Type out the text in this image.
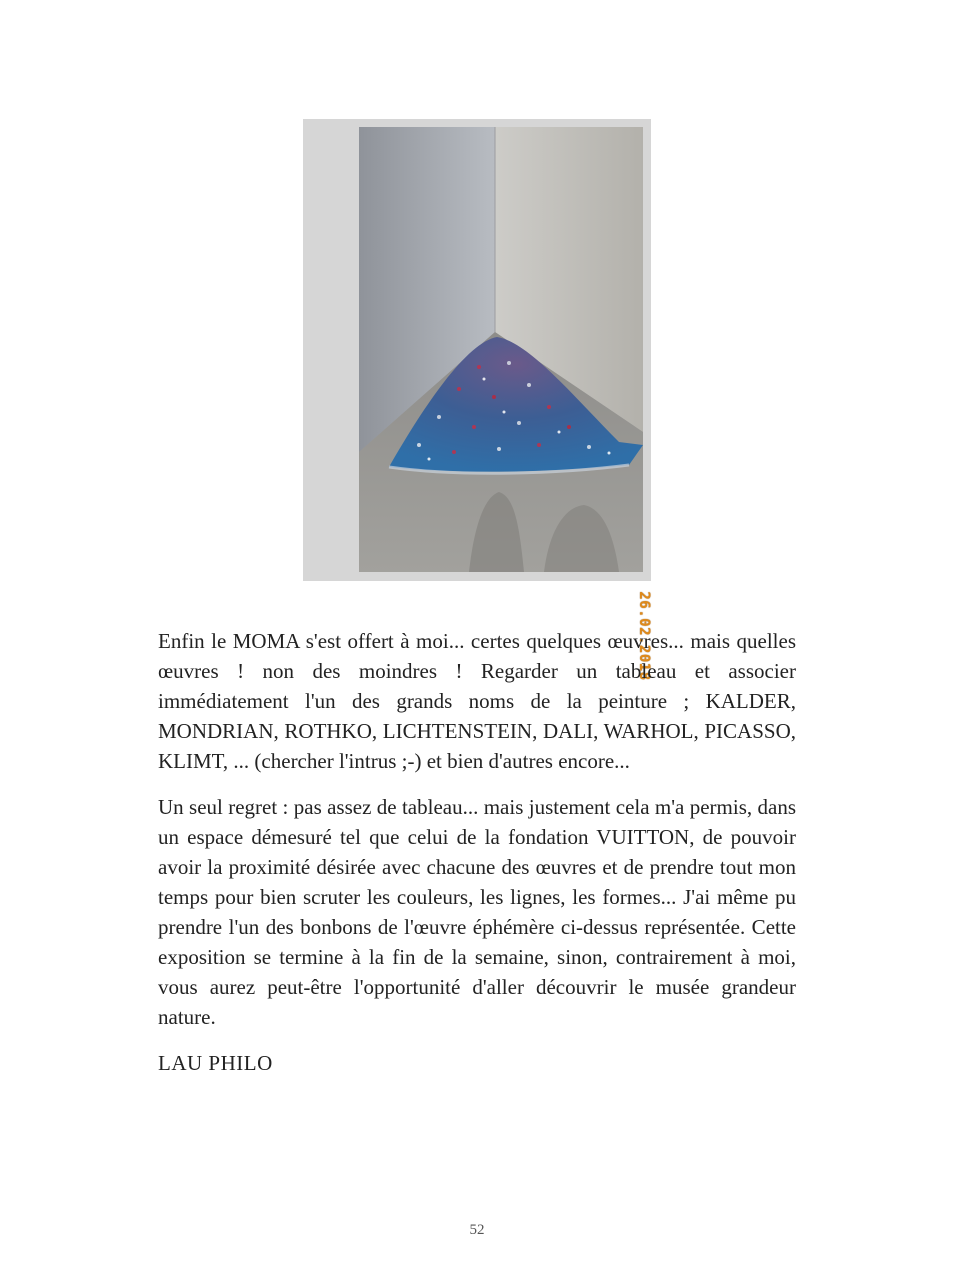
26.02.2018

Enfin le MOMA s'est offert à moi... certes quelques œuvres... mais quelles œuvres ! non des moindres ! Regarder un tableau et associer immédiatement l'un des grands noms de la peinture ; KALDER, MONDRIAN, ROTHKO, LICHTENSTEIN, DALI, WARHOL, PICASSO, KLIMT, ... (chercher l'intrus ;-) et bien d'autres encore...

Un seul regret : pas assez de tableau... mais justement cela m'a permis, dans un espace démesuré tel que celui de la fondation VUITTON, de pouvoir avoir la proximité désirée avec chacune des œuvres et de prendre tout mon temps pour bien scruter les couleurs, les lignes, les formes... J'ai même pu prendre l'un des bonbons de l'œuvre éphémère ci-dessus représentée. Cette exposition se termine à la fin de la semaine, sinon, contrairement à moi, vous aurez peut-être l'opportunité d'aller découvrir le musée grandeur nature.

LAU PHILO

52
